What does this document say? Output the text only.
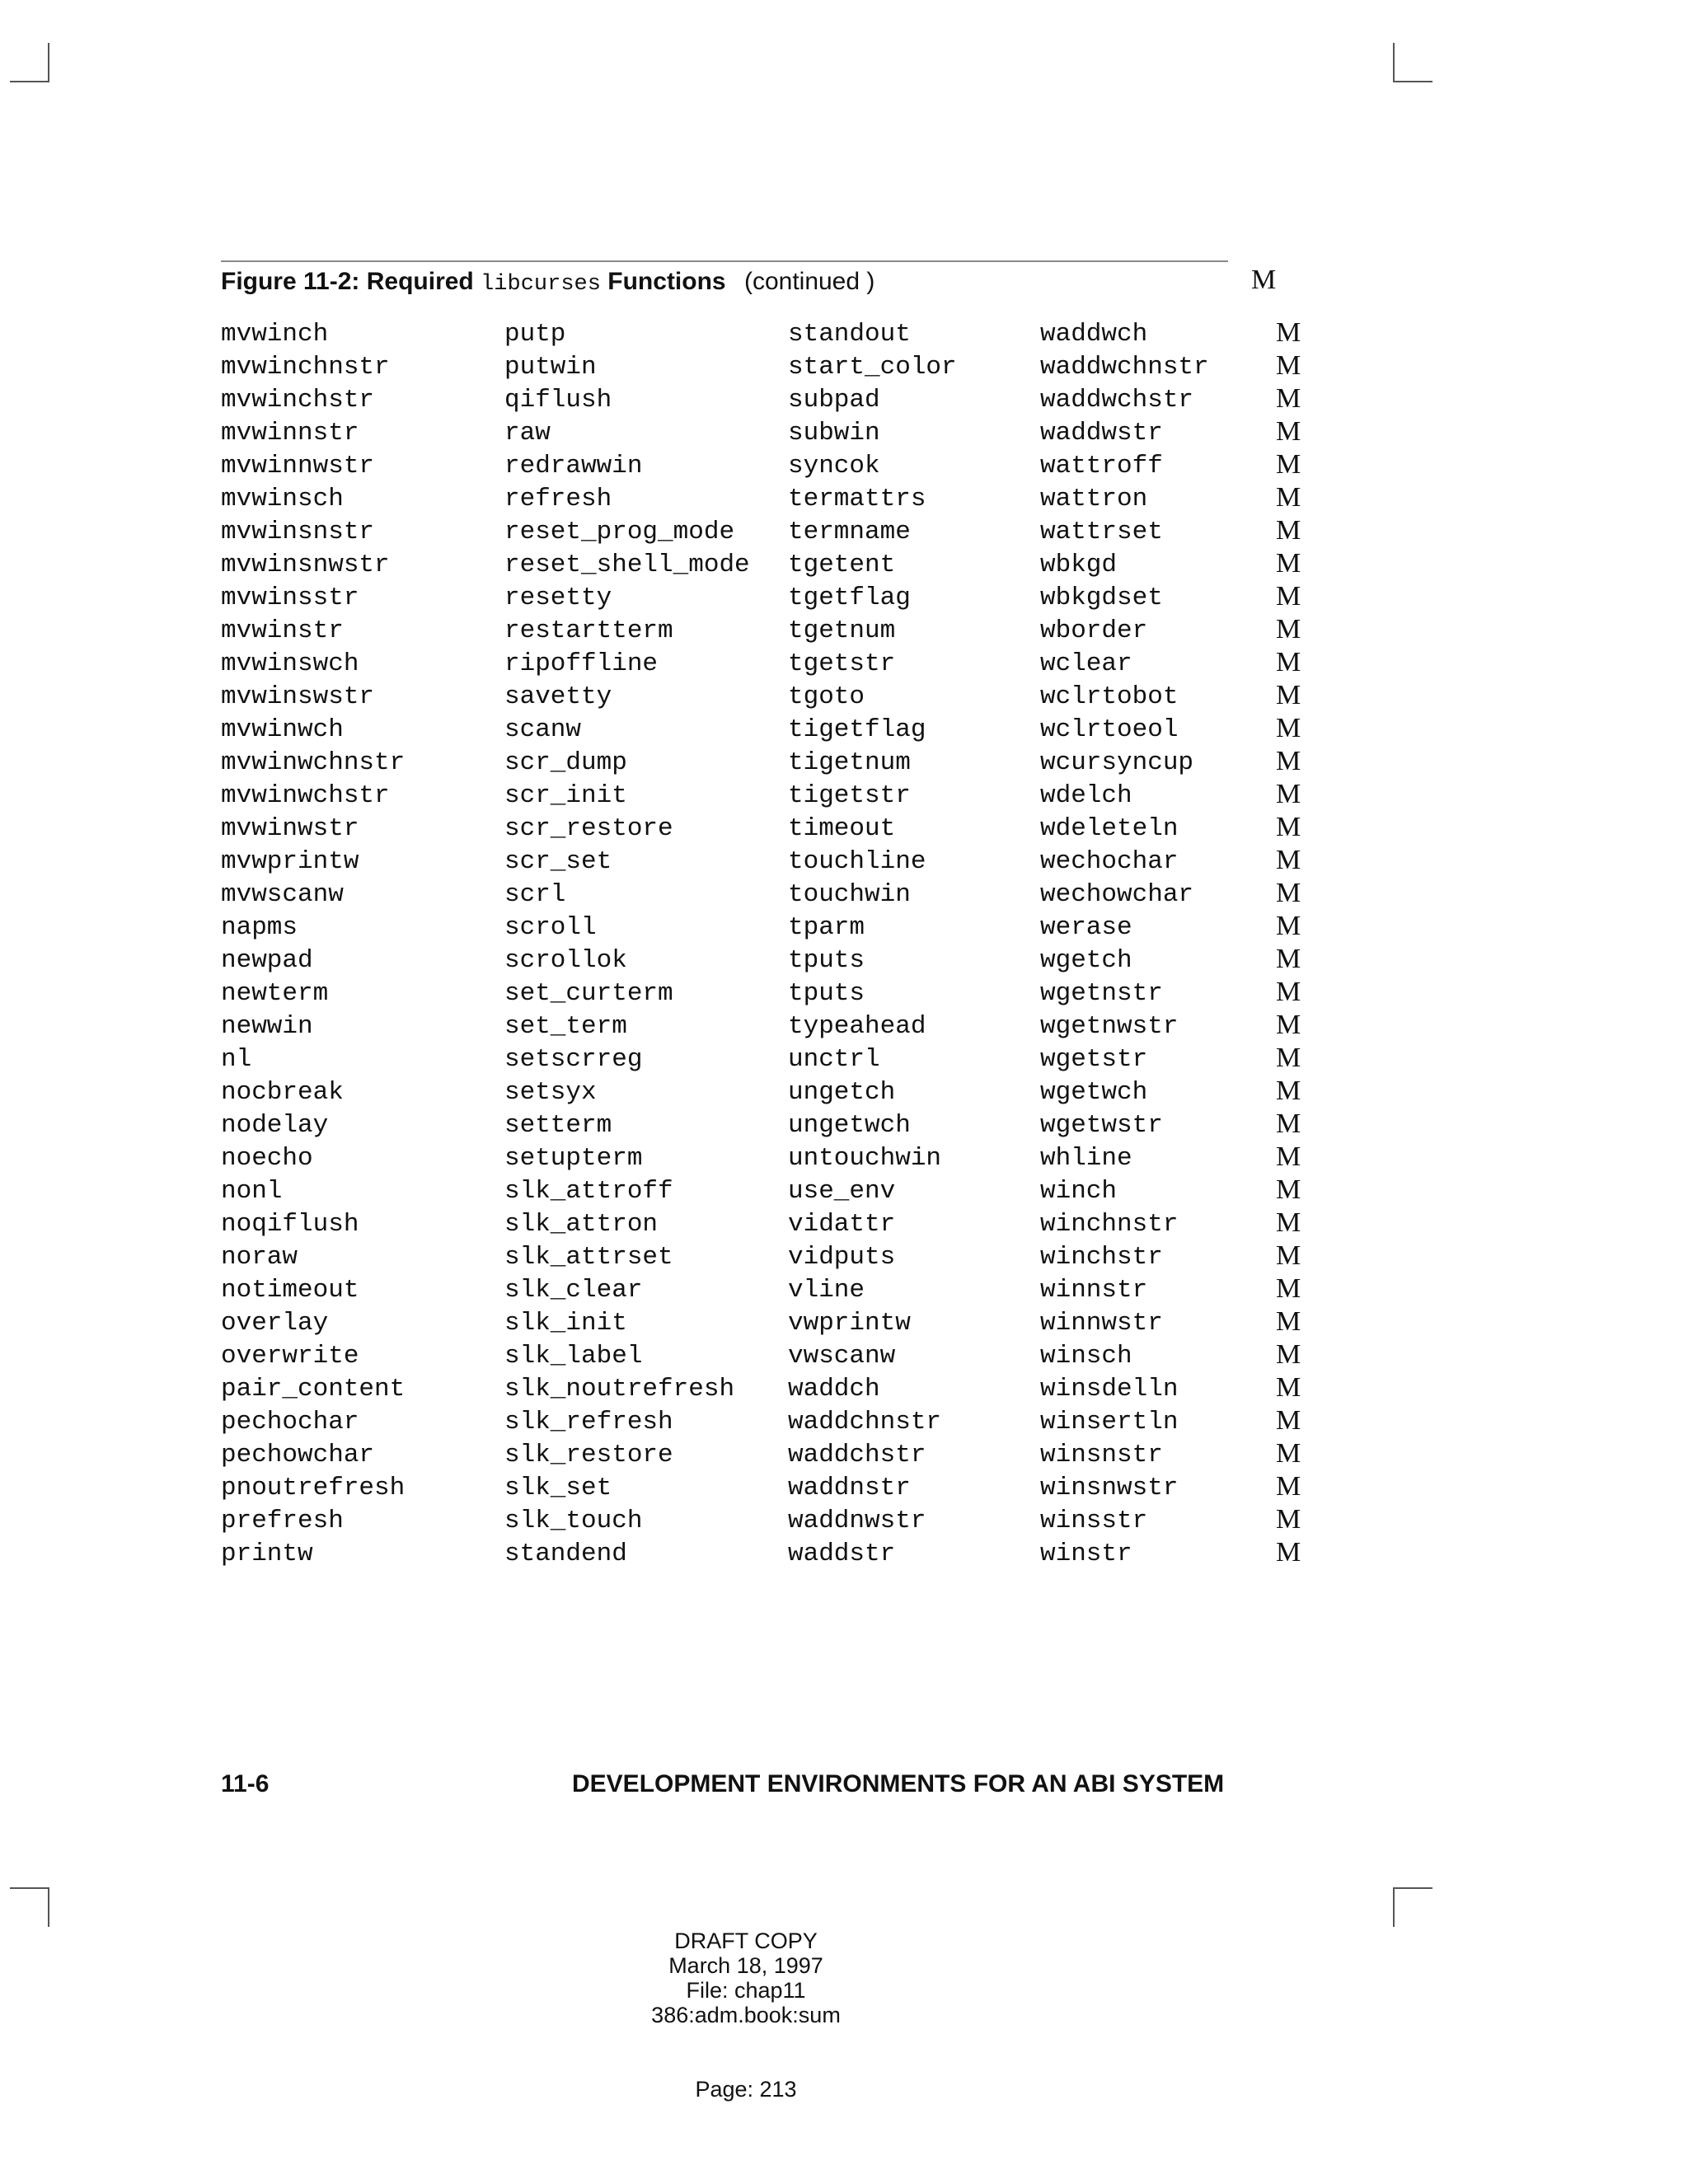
Figure 11-2: Required libcurses Functions (continued )	M
mvwinch	putp	standout	waddwch	M
mvwinchnstr	putwin	start_color	waddwchnstr M
mvwinchstr	qiflush	subpad	waddwchstr	M
mvwinnstr	raw	subwin	waddwstr	M
mvwinnwstr	redrawwin	syncok	wattroff	M
mvwinsch	refresh	termattrs	wattron	M
mvwinsnstr	reset_prog_mode termname	wattrset	M
mvwinsnwstr	reset_shell_mode tgetent	wbkgd	M
mvwinsstr	resetty	tgetflag	wbkgdset	M
mvwinstr	restartterm	tgetnum	wborder	M
mvwinswch	ripoffline	tgetstr	wclear	M
mvwinswstr	savetty	tgoto	wclrtobot	M
mvwinwch	scanw	tigetflag	wclrtoeol	M
mvwinwchnstr	scr_dump	tigetnum	wcursyncup	M
mvwinwchstr	scr_init	tigetstr	wdelch	M
mvwinwstr	scr_restore	timeout	wdeleteln	M
mvwprintw	scr_set	touchline	wechochar	M
mvwscanw	scrl	touchwin	wechowchar	M
napms	scroll	tparm	werase	M
newpad	scrollok	tputs	wgetch	M
newterm	set_curterm	tputs	wgetnstr	M
newwin	set_term	typeahead	wgetnwstr	M
nl	setscrreg	unctrl	wgetstr	M
nocbreak	setsyx	ungetch	wgetwch	M
nodelay	setterm	ungetwch	wgetwstr	M
noecho	setupterm	untouchwin	whline	M
nonl	slk_attroff	use_env	winch	M
noqiflush	slk_attron	vidattr	winchnstr	M
noraw	slk_attrset	vidputs	winchstr	M
notimeout	slk_clear	vline	winnstr	M
overlay	slk_init	vwprintw	winnwstr	M
overwrite	slk_label	vwscanw	winsch	M
pair_content	slk_noutrefresh waddch	winsdelln	M
pechochar	slk_refresh	waddchnstr	winsertln	M
pechowchar	slk_restore	waddchstr	winsnstr	M
pnoutrefresh	slk_set	waddnstr	winsnwstr	M
prefresh	slk_touch	waddnwstr	winsstr	M
printw	standend	waddstr	winstr	M
11-6	DEVELOPMENT ENVIRONMENTS FOR AN ABI SYSTEM
DRAFT COPY
March 18, 1997
File: chap11
386:adm.book:sum
Page: 213
